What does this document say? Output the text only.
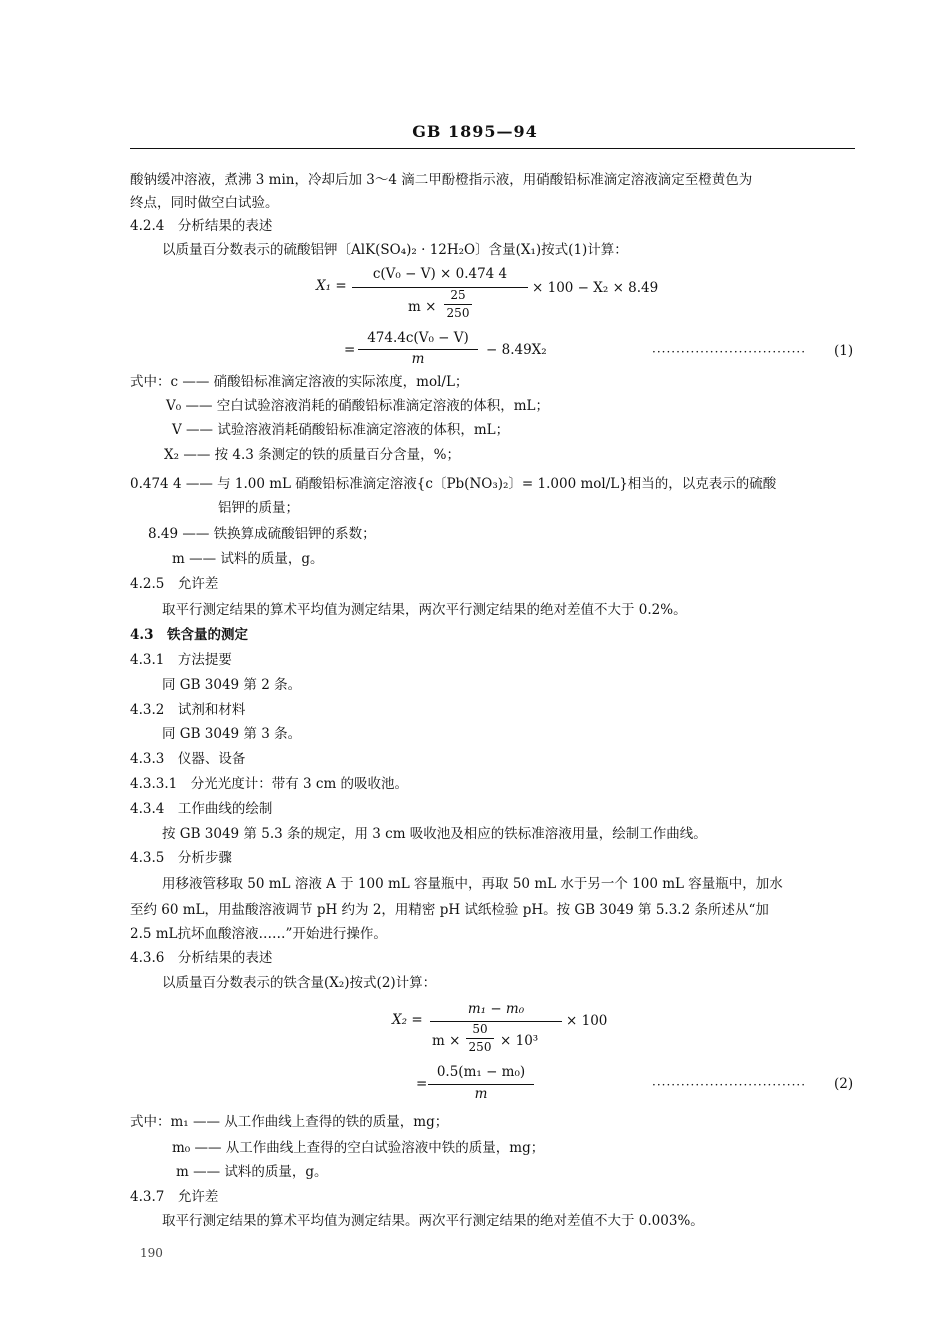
GB 1895—94
酸钠缓冲溶液，煮沸 3 min，冷却后加 3～4 滴二甲酚橙指示液，用硝酸铅标准滴定溶液滴定至橙黄色为
终点，同时做空白试验。
4.2.4　分析结果的表述
以质量百分数表示的硫酸铝钾〔AlK(SO₄)₂ · 12H₂O〕含量(X₁)按式(1)计算：
X₁ =
c(V₀ − V) × 0.474 4
m ×
25
250
× 100 − X₂ × 8.49
=
474.4c(V₀ − V)
m
− 8.49X₂	································ (1)
式中：c —— 硝酸铅标准滴定溶液的实际浓度，mol/L；
V₀ —— 空白试验溶液消耗的硝酸铅标准滴定溶液的体积，mL；
V —— 试验溶液消耗硝酸铅标准滴定溶液的体积，mL；
X₂ —— 按 4.3 条测定的铁的质量百分含量，%；
0.474 4 —— 与 1.00 mL 硝酸铅标准滴定溶液{c〔Pb(NO₃)₂〕= 1.000 mol/L}相当的，以克表示的硫酸
铝钾的质量；
8.49 —— 铁换算成硫酸铝钾的系数；
m —— 试料的质量，g。
4.2.5　允许差
取平行测定结果的算术平均值为测定结果，两次平行测定结果的绝对差值不大于 0.2%。
4.3　铁含量的测定
4.3.1　方法提要
同 GB 3049 第 2 条。
4.3.2　试剂和材料
同 GB 3049 第 3 条。
4.3.3　仪器、设备
4.3.3.1　分光光度计：带有 3 cm 的吸收池。
4.3.4　工作曲线的绘制
按 GB 3049 第 5.3 条的规定，用 3 cm 吸收池及相应的铁标准溶液用量，绘制工作曲线。
4.3.5　分析步骤
用移液管移取 50 mL 溶液 A 于 100 mL 容量瓶中，再取 50 mL 水于另一个 100 mL 容量瓶中，加水
至约 60 mL，用盐酸溶液调节 pH 约为 2，用精密 pH 试纸检验 pH。按 GB 3049 第 5.3.2 条所述从“加
2.5 mL抗坏血酸溶液……”开始进行操作。
4.3.6　分析结果的表述
以质量百分数表示的铁含量(X₂)按式(2)计算：
X₂ =
m₁ − m₀
m ×
50
250 × 10³
× 100
=
0.5(m₁ − m₀)
m
································ (2)
式中：m₁ —— 从工作曲线上查得的铁的质量，mg；
m₀ —— 从工作曲线上查得的空白试验溶液中铁的质量，mg；
m —— 试料的质量，g。
4.3.7　允许差
取平行测定结果的算术平均值为测定结果。两次平行测定结果的绝对差值不大于 0.003%。
190
